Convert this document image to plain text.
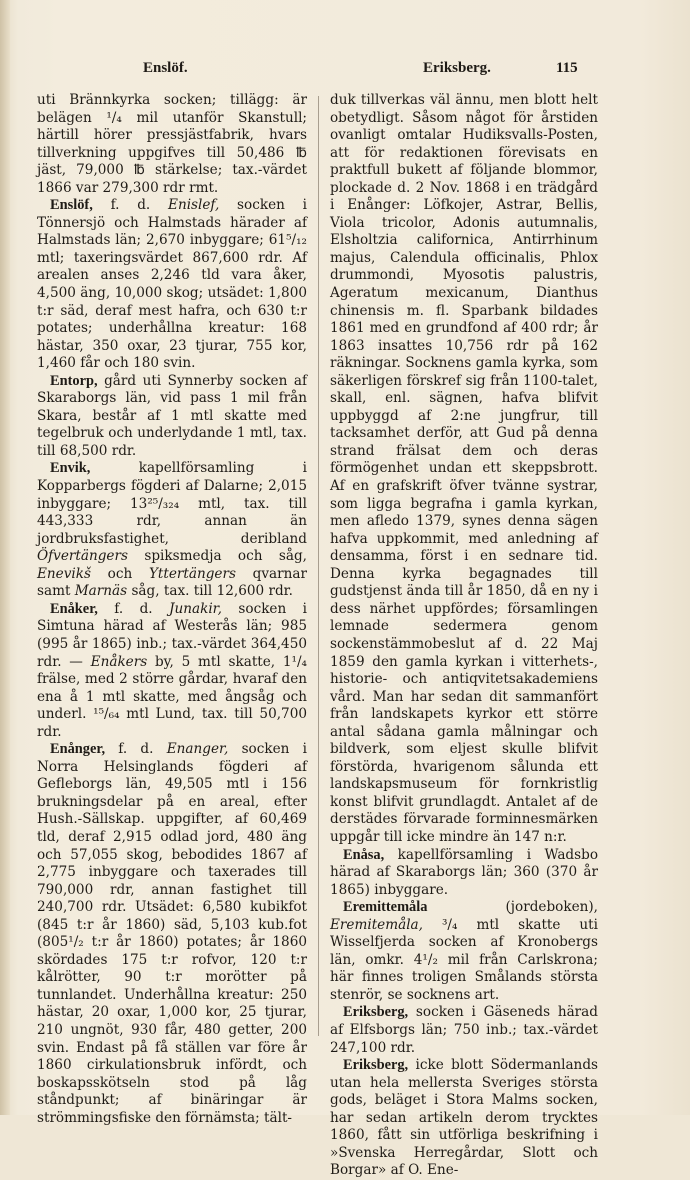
Enslöf.	Eriksberg.	115

uti Brännkyrka socken; tillägg: är belägen ¹/₄ mil utanför Skanstull; härtill hörer pressjästfabrik, hvars tillverkning uppgifves till 50,486 ℔ jäst, 79,000 ℔ stärkelse; tax.-värdet 1866 var 279,300 rdr rmt.

Enslöf, f. d. Enislef, socken i Tönnersjö och Halmstads härader af Halmstads län; 2,670 inbyggare; 61⁵/₁₂ mtl; taxeringsvärdet 867,600 rdr. Af arealen anses 2,246 tld vara åker, 4,500 äng, 10,000 skog; utsädet: 1,800 t:r säd, deraf mest hafra, och 630 t:r potates; underhållna kreatur: 168 hästar, 350 oxar, 23 tjurar, 755 kor, 1,460 får och 180 svin.

Entorp, gård uti Synnerby socken af Skaraborgs län, vid pass 1 mil från Skara, består af 1 mtl skatte med tegelbruk och underlydande 1 mtl, tax. till 68,500 rdr.

Envik, kapellförsamling i Kopparbergs fögderi af Dalarne; 2,015 inbyggare; 13²⁵/₃₂₄ mtl, tax. till 443,333 rdr, annan än jordbruksfastighet, deribland Öfvertängers spiksmedja och såg, Enevikš och Yttertängers qvarnar samt Marnäs såg, tax. till 12,600 rdr.

Enåker, f. d. Junakir, socken i Simtuna härad af Westerås län; 985 (995 år 1865) inb.; tax.-värdet 364,450 rdr. — Enåkers by, 5 mtl skatte, 1¹/₄ frälse, med 2 större gårdar, hvaraf den ena å 1 mtl skatte, med ångsåg och underl. ¹⁵/₆₄ mtl Lund, tax. till 50,700 rdr.

Enånger, f. d. Enanger, socken i Norra Helsinglands fögderi af Gefleborgs län, 49,505 mtl i 156 brukningsdelar på en areal, efter Hush.-Sällskap. uppgifter, af 60,469 tld, deraf 2,915 odlad jord, 480 äng och 57,055 skog, bebodides 1867 af 2,775 inbyggare och taxerades till 790,000 rdr, annan fastighet till 240,700 rdr. Utsädet: 6,580 kubikfot (845 t:r år 1860) säd, 5,103 kub.fot (805¹/₂ t:r år 1860) potates; år 1860 skördades 175 t:r rofvor, 120 t:r kålrötter, 90 t:r morötter på tunnlandet. Underhållna kreatur: 250 hästar, 20 oxar, 1,000 kor, 25 tjurar, 210 ungnöt, 930 får, 480 getter, 200 svin. Endast på få ställen var före år 1860 cirkulationsbruk infördt, och boskapsskötseln stod på låg ståndpunkt; af binäringar är strömmingsfiske den förnämsta; tält-

duk tillverkas väl ännu, men blott helt obetydligt. Såsom något för årstiden ovanligt omtalar Hudiksvalls-Posten, att för redaktionen förevisats en praktfull bukett af följande blommor, plockade d. 2 Nov. 1868 i en trädgård i Enånger: Löfkojer, Astrar, Bellis, Viola tricolor, Adonis autumnalis, Elsholtzia californica, Antirrhinum majus, Calendula officinalis, Phlox drummondi, Myosotis palustris, Ageratum mexicanum, Dianthus chinensis m. fl. Sparbank bildades 1861 med en grundfond af 400 rdr; år 1863 insattes 10,756 rdr på 162 räkningar. Socknens gamla kyrka, som säkerligen förskref sig från 1100-talet, skall, enl. sägnen, hafva blifvit uppbyggd af 2:ne jungfrur, till tacksamhet derför, att Gud på denna strand frälsat dem och deras förmögenhet undan ett skeppsbrott. Af en grafskrift öfver tvänne systrar, som ligga begrafna i gamla kyrkan, men afledo 1379, synes denna sägen hafva uppkommit, med anledning af densamma, först i en sednare tid. Denna kyrka begagnades till gudstjenst ända till år 1850, då en ny i dess närhet uppfördes; församlingen lemnade sedermera genom sockenstämmobeslut af d. 22 Maj 1859 den gamla kyrkan i vitterhets-, historie- och antiqvitetsakademiens vård. Man har sedan dit sammanfört från landskapets kyrkor ett större antal sådana gamla målningar och bildverk, som eljest skulle blifvit förstörda, hvarigenom sålunda ett landskapsmuseum för fornkristlig konst blifvit grundlagdt. Antalet af de derstädes förvarade forminnesmärken uppgår till icke mindre än 147 n:r.

Enåsa, kapellförsamling i Wadsbo härad af Skaraborgs län; 360 (370 år 1865) inbyggare.

Eremittemåla (jordeboken), Eremitemåla, ³/₄ mtl skatte uti Wisselfjerda socken af Kronobergs län, omkr. 4¹/₂ mil från Carlskrona; här finnes troligen Smålands största stenrör, se socknens art.

Eriksberg, socken i Gäseneds härad af Elfsborgs län; 750 inb.; tax.-värdet 247,100 rdr.

Eriksberg, icke blott Södermanlands utan hela mellersta Sveriges största gods, beläget i Stora Malms socken, har sedan artikeln derom trycktes 1860, fått sin utförliga beskrifning i »Svenska Herregårdar, Slott och Borgar» af O. Ene-
